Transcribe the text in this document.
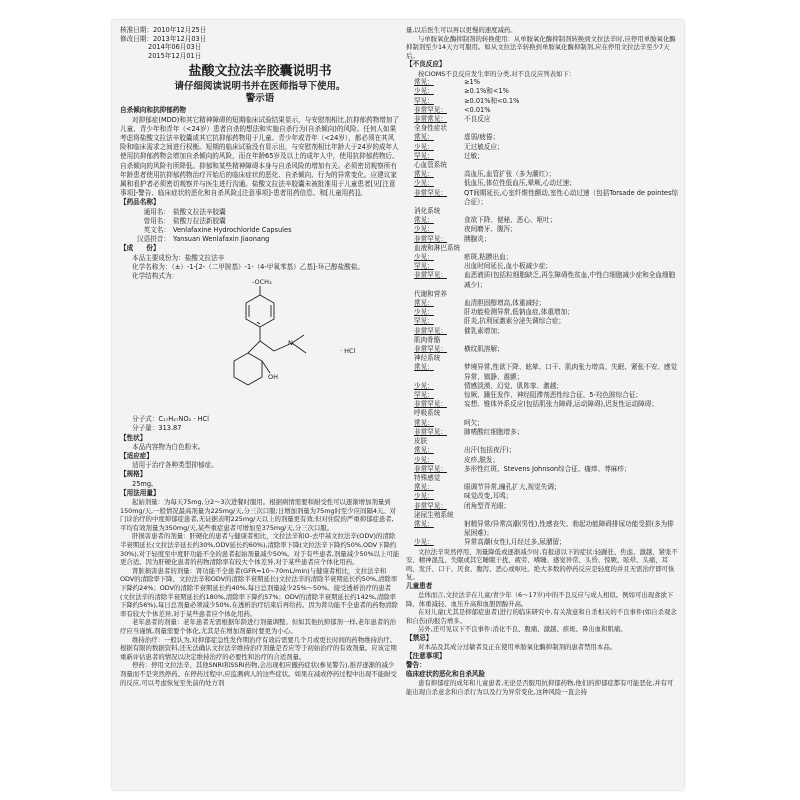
核准日期：2010年12月25日
修改日期：2013年12月03日
2014年06月03日
2015年12月01日
盐酸文拉法辛胶囊说明书
请仔细阅读说明书并在医师指导下使用。
警示语
自杀倾向和抗抑郁药物
对抑郁症(MDD)和其它精神障碍的短期临床试验结果显示，与安慰剂相比,抗抑郁药物增加了儿童、青少年和青年（<24岁）患者自杀的想法和实施自杀行为(自杀倾向)的风险。任何人如果考虑将盐酸文拉法辛胶囊或其它抗抑郁药物用于儿童、青少年或青年（<24岁），都必须在其风险和临床需求之间进行权衡。短期的临床试验没有显示出，与安慰剂相比年龄大于24岁的成年人使用抗抑郁药物会增加自杀倾向的风险，而在年龄65岁及以上的成年人中，使用抗抑郁药物后,自杀倾向的风险有所降低。抑郁和某些精神障碍本身与自杀风险的增加有关。必须密切观察所有年龄患者使用抗抑郁药物治疗开始后的临床症状的恶化、自杀倾向、行为的异常变化。应建议家属和看护者必须密切观察并与医生进行沟通。盐酸文拉法辛胶囊未被批准用于儿童患者[见[注意事项]-警告、临床症状的恶化和自杀风险;[注意事项]-患者用药信息、和[儿童用药]]。
【药品名称】
通用名： 盐酸文拉法辛胶囊
曾用名： 盐酸万拉法新胶囊
英文名： Venlafaxine Hydrochloride Capsules
汉语拼音： Yansuan Wenlafaxin Jiaonang
【成　　份】
本品主要成份为：盐酸文拉法辛
化学名称为：（±）-1-[2-（二甲胺基）-1-（4-甲氧苯基）乙基]-环己醇盐酸盐。
化学结构式为：
-OCH₃
N
OH
· HCl
分子式：C₁₇H₂₇NO₂ · HCl
分子量：313.87
【性状】
本品内容物为白色粉末。
【适应症】
适用于治疗各种类型抑郁症。
【规格】
25mg。
【用法用量】
起始剂量：为每天75mg,分2～3次进餐时服用。根据病情需要和耐受性可以逐渐增加剂量到150mg/天,一般情况最高剂量为225mg/天,分三次口服;日增加剂量为75mg时至少应间隔4天。对门诊治疗的中度抑郁症患者,无证据表明225mg/天以上的剂量更有效;但对住院的严重抑郁症患者,平均有效剂量为350mg/天,某些重症患者可增加至375mg/天,分三次口服。
肝损害患者的剂量：肝硬化的患者与健康者相比，文拉法辛和O-去甲基文拉法辛(ODV)的清除半衰期延长(文拉法辛延长约30%,ODV延长约60%),清除率下降(文拉法辛下降约50%,ODV下降约30%),对于轻度至中度肝功能不全的患者起始剂量减少50%。对于有些患者,剂量减少50%以上可能更合适。因为肝硬化患者的药物清除率有较大个体差异,对于某些患者应个体化用药。
肾脏损害患者的剂量：肾功能不全患者(GFR=10~70mL/min)与健康者相比，文拉法辛和ODV的清除率下降、文拉法辛和ODV的清除半衰期延长(文拉法辛的清除半衰期延长约50%,清除率下降约24%；ODV的清除半衰期延长约40%,每日总剂量减少25%～50%。接受透析治疗的患者(文拉法辛的清除半衰期延长约180%,清除率下降约57%；ODV的清除半衰期延长约142%,清除率下降约56%),每日总剂量必须减少50%,在透析治疗结束后再给药。因为肾功能不全患者的药物清除率有较大个体差异,对于某些患者应个体化用药。
老年患者的剂量：老年患者无需根据年龄进行剂量调整。但如其他抗抑郁剂一样,老年患者的治疗应当谨慎,剂量需要个体化,尤其是在增加剂量时要更为小心。
维持治疗：一般认为,对抑郁症急性发作期治疗有效后需要几个月或更长时间的药物维持治疗。根据有限的数据资料,还无法确认文拉法辛维持治疗剂量是否应等于初始治疗的有效剂量。应该定期重新评估患者的情况以决定维持治疗的必要性和治疗的合适剂量。
停药：停用文拉法辛、其他SNRI和SSRI药物,会出现相应撤药症状(参见警告),推荐逐渐的减少剂量而不是突然停药。在停药过程中,应监测病人的这些症状。如果在减或停药过程中出现不能耐受的反应,可以考虑恢复至先前的处方剂
量,以后医生可以再以更慢的速度减药。
与单胺氧化酶抑制剂的转换使用：从单胺氧化酶抑制剂转换到文拉法辛时,应停用单胺氧化酶抑制剂至少14天方可服用。如从文拉法辛转换到单胺氧化酶抑制剂,应在停用文拉法辛至少7天后。
【不良反应】
按CIOMS不良反应发生率的分类,对不良反应列表如下：
常见：	≥1%
少见：	≥0.1%和<1%
罕见：	≥0.01%和<0.1%
非常罕见：	<0.01%
非常常见：	不良反应
全身性症状
常见：	虚弱/疲倦；
少见：	无过敏反应；
罕见：	过敏；
心血管系统
常见：	高血压,血管扩张（多为潮红）；
少见：	低血压,体位性低血压,晕厥,心动过速；
非常罕见：	QT间期延长,心室纤维性颤动,室性心动过速（包括Torsade de pointes综合征）；
消化系统
常见：	食欲下降、便秘、恶心、呕吐；
少见：	夜间磨牙、腹泻；
非常罕见：	胰腺炎；
血液和淋巴系统
少见：	瘀斑,粘膜出血；
罕见：	出血时间延长,血小板减少症；
非常罕见：	血恶液质(包括粒细胞缺乏,再生障碍性贫血,中性白细胞减少症和全血细胞减少)；
代谢和营养
常见：	血清胆固醇增高,体重减轻；
少见：	肝功能检测异常,低钠血症,体重增加；
罕见：	肝炎,抗利尿激素分泌失调综合症；
非常罕见：	催乳素增加；
肌肉骨骼
非常罕见：	横纹肌溶解；
神经系统
常见：	梦境异常,性欲下降、眩晕、口干、肌肉张力增高、失眠、紧张不安、感觉异常、镇静、震颤；
少见：	情感淡漠、幻觉、肌阵挛、激越；
罕见：	惊厥、躁狂发作、神经阻滞剂恶性综合征、5-羟色胺综合征；
非常罕见：	妄想、锥体外系反应(包括肌张力障碍,运动障碍),迟发性运动障碍；
呼吸系统
常见：	呵欠；
非常罕见：	肺嗜酸红细胞增多；
皮肤
常见：	出汗(包括夜汗)；
少见：	皮疹,脱发；
非常罕见：	多形性红斑、Stevens Johnson综合征、瘙痒、荨麻疹；
特殊感觉
常见：	眼调节异常,瞳孔扩大,视觉失调；
少见：	味觉改变,耳鸣；
非常罕见：	闭角型青光眼；
泌尿生殖系统
常见：	射精异常/异常高潮(男性),性感丧失、勃起功能障碍排尿功能受损(多为排尿困难)；
少见：	异常高潮(女性),月经过多,尿潴留；
文拉法辛突然停用、剂量降低或逐渐减少时,有报道以下的症状:轻躁狂、焦虑、激越、紧张不安、精神混乱、失眠或其它睡眠干扰、疲劳、嗜睡、感觉异常、头昏、惊厥、眩晕、头痛、耳鸣、发汗、口干、厌食、腹泻、恶心或呕吐。绝大多数的停药反应是轻度的并且无需治疗即可恢复。
儿童患者
总体而言,文拉法辛在儿童/青少年（6～17岁)中的不良反应与成人相似。例如可出现食欲下降、体重减轻、血压升高和血胆固醇升高。
在对儿童(尤其是抑郁症患者)进行的临床研究中,有关敌意和自杀相关的不良事件(如自杀观念和自伤)的报告增多。
另外,还可见以下不良事件:消化不良、腹痛、激越、瘀斑、鼻出血和肌痛。
【禁忌】
对本品及其成分过敏者及正在使用单胺氧化酶抑制剂的患者禁用本品。
【注意事项】
警告：
临床症状的恶化和自杀风险
患有抑郁症的成年和儿童患者,无论是否服用抗抑郁药物,他们的抑郁症都有可能恶化,并有可能出现自杀意念和自杀行为以及行为异常变化,这种风险一直会持
